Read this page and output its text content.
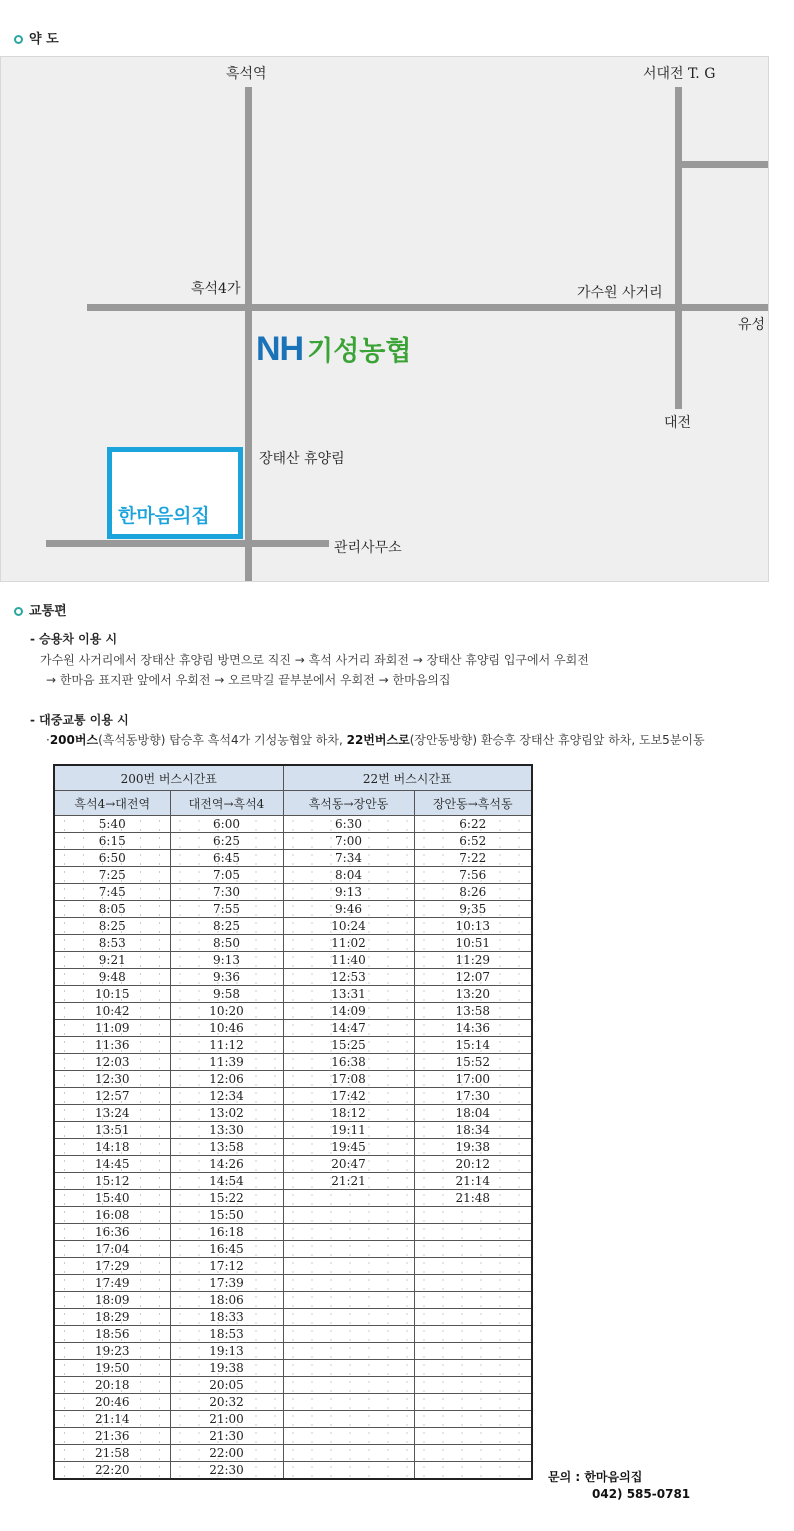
약 도
흑석역	서대전 T. G
흑석4가	가수원 사거리
유성
대전
장태산 휴양림
관리사무소
NH 기성농협
한마음의집
교통편
- 승용차 이용 시
가수원 사거리에서 장태산 휴양림 방면으로 직진 → 흑석 사거리 좌회전 → 장태산 휴양림 입구에서 우회전
→ 한마음 표지판 앞에서 우회전 → 오르막길 끝부분에서 우회전 → 한마음의집
- 대중교통 이용 시
·200버스(흑석동방향) 탑승후 흑석4가 기성농협앞 하차, 22번버스로(장안동방향) 환승후 장태산 휴양림앞 하차, 도보5분이동
200번 버스시간표		22번 버스시간표	
흑석4→대전역	대전역→흑석4	흑석동→장안동	장안동→흑석동
5:40	6:00	6:30	6:22
6:15	6:25	7:00	6:52
6:50	6:45	7:34	7:22
7:25	7:05	8:04	7:56
7:45	7:30	9:13	8:26
8:05	7:55	9:46	9;35
8:25	8:25	10:24	10:13
8:53	8:50	11:02	10:51
9:21	9:13	11:40	11:29
9:48	9:36	12:53	12:07
10:15	9:58	13:31	13:20
10:42	10:20	14:09	13:58
11:09	10:46	14:47	14:36
11:36	11:12	15:25	15:14
12:03	11:39	16:38	15:52
12:30	12:06	17:08	17:00
12:57	12:34	17:42	17:30
13:24	13:02	18:12	18:04
13:51	13:30	19:11	18:34
14:18	13:58	19:45	19:38
14:45	14:26	20:47	20:12
15:12	14:54	21:21	21:14
15:40	15:22		21:48
16:08	15:50		
16:36	16:18		
17:04	16:45		
17:29	17:12		
17:49	17:39		
18:09	18:06		
18:29	18:33		
18:56	18:53		
19:23	19:13		
19:50	19:38		
20:18	20:05		
20:46	20:32		
21:14	21:00		
21:36	21:30		
21:58	22:00		
22:20	22:30		
문의 : 한마음의집
042) 585-0781
